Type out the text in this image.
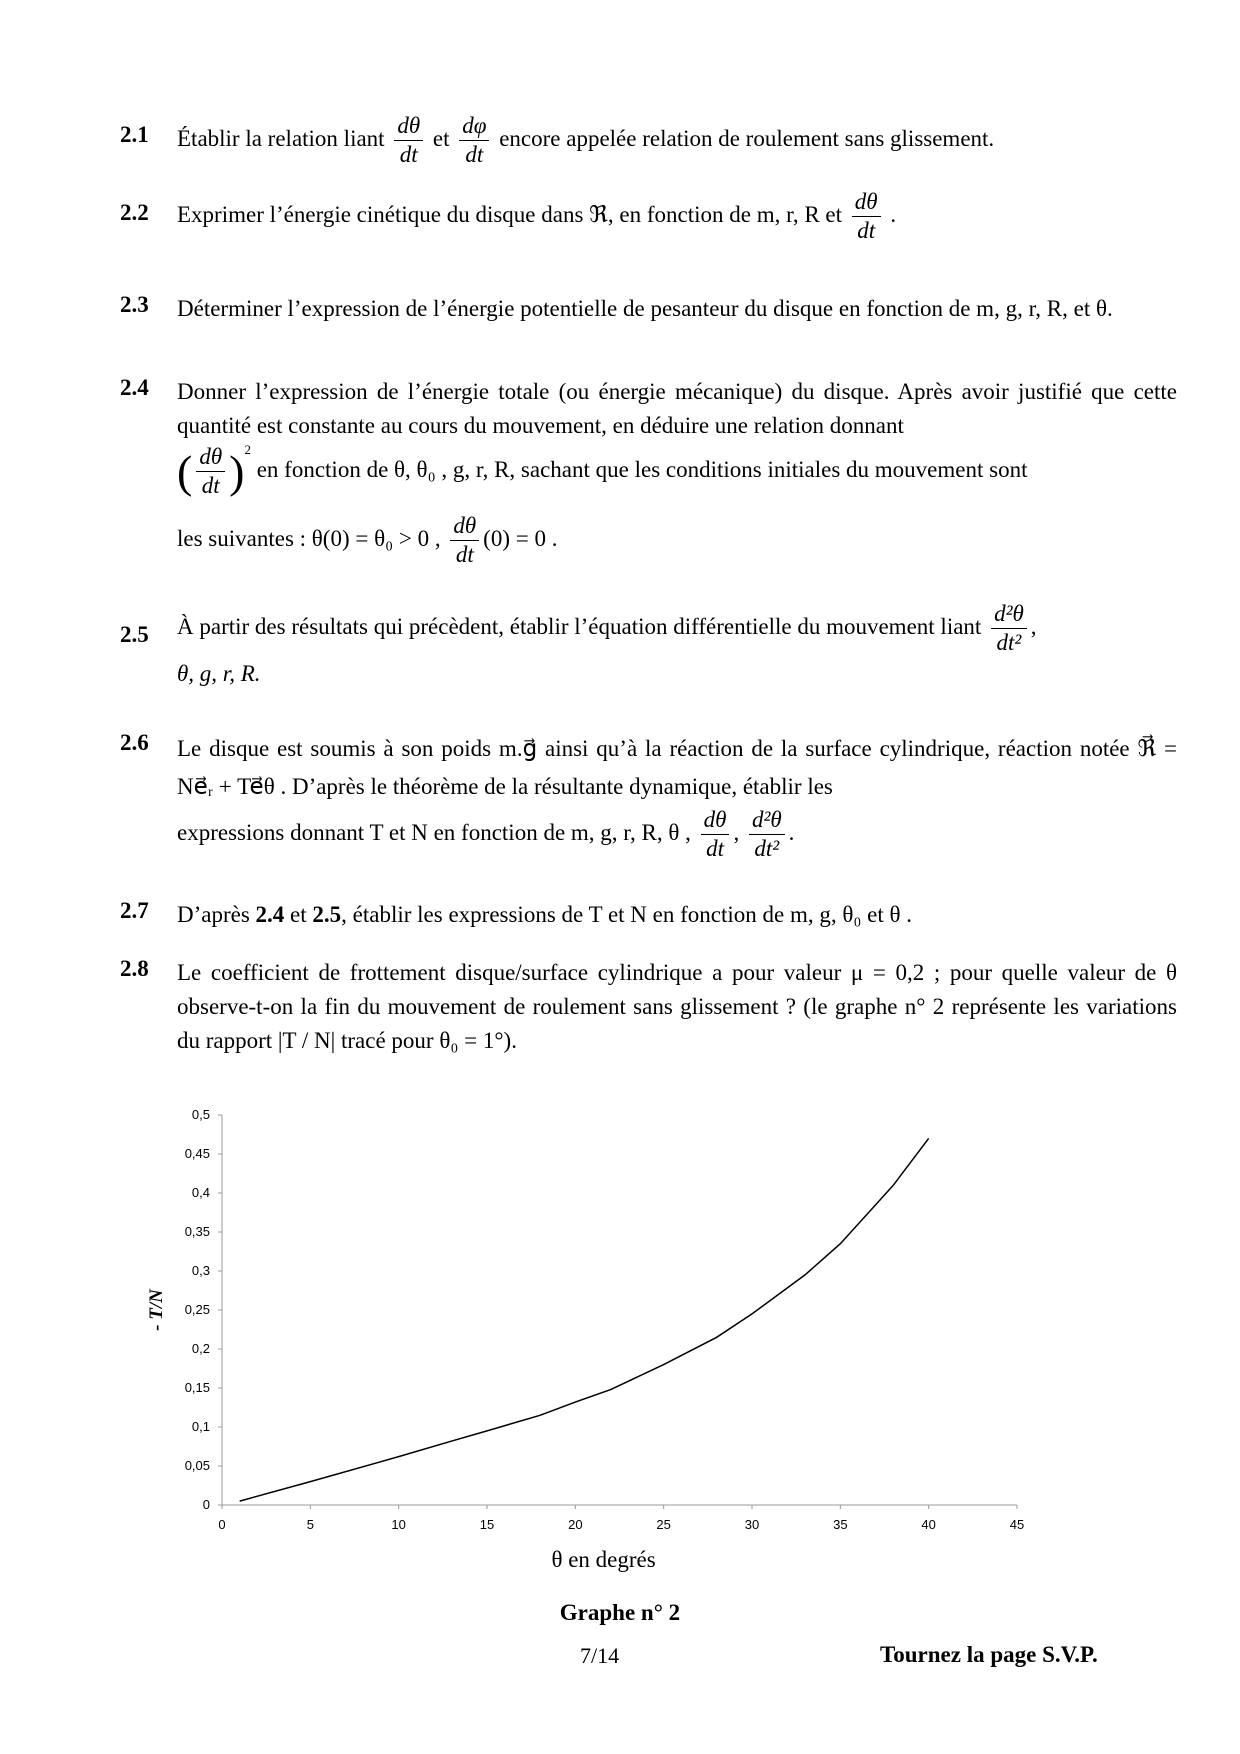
2.1 Établir la relation liant $\frac{d\theta}{dt}$ et $\frac{d\varphi}{dt}$ encore appelée relation de roulement sans glissement.
2.2 Exprimer l’énergie cinétique du disque dans ℜ, en fonction de m, r, R et $\frac{d\theta}{dt}$ .
2.3 Déterminer l’expression de l’énergie potentielle de pesanteur du disque en fonction de m, g, r, R, et θ.
2.4 Donner l’expression de l’énergie totale (ou énergie mécanique) du disque. Après avoir justifié que cette quantité est constante au cours du mouvement, en déduire une relation donnant
( $\frac{d\theta}{dt} )^2$
en fonction de θ, θ₀ , g, r, R, sachant que les conditions initiales du mouvement sont
les suivantes : θ(0) = θ₀ > 0 , $\frac{d\theta}{dt} (0) = 0$ .
2.5 À partir des résultats qui précèdent, établir l’équation différentielle du mouvement liant $\frac{\text{d²θ}}{\text{dt²}}$ ,
θ, g, r, R.
2.6 Le disque est soumis à son poids m.g⃗ ainsi qu’à la réaction de la surface cylindrique, réaction notée ℜ⃗ = Ne⃗ᵣ + Te⃗θ . D’après le théorème de la résultante dynamique, établir les
expressions donnant T et N en fonction de m, g, r, R, θ , $\frac{d\theta}{dt}$ , $\frac{\text{d²θ}}{\text{dt²}}$ .
2.7 D’après 2.4 et 2.5, établir les expressions de T et N en fonction de m, g, θ₀ et θ .
2.8 Le coefficient de frottement disque/surface cylindrique a pour valeur μ = 0,2 ; pour quelle valeur de θ observe-t-on la fin du mouvement de roulement sans glissement ? (le graphe n° 2 représente les variations du rapport |T / N| tracé pour θ₀ = 1°).
0
0,05
0,1
0,15
0,2
0,25
0,3
0,35
0,4
0,45
0,5
0	5	10	15	20	25	30	35	40	45
- T/N
θ en degrés
Graphe n° 2
7/14	Tournez la page S.V.P.
